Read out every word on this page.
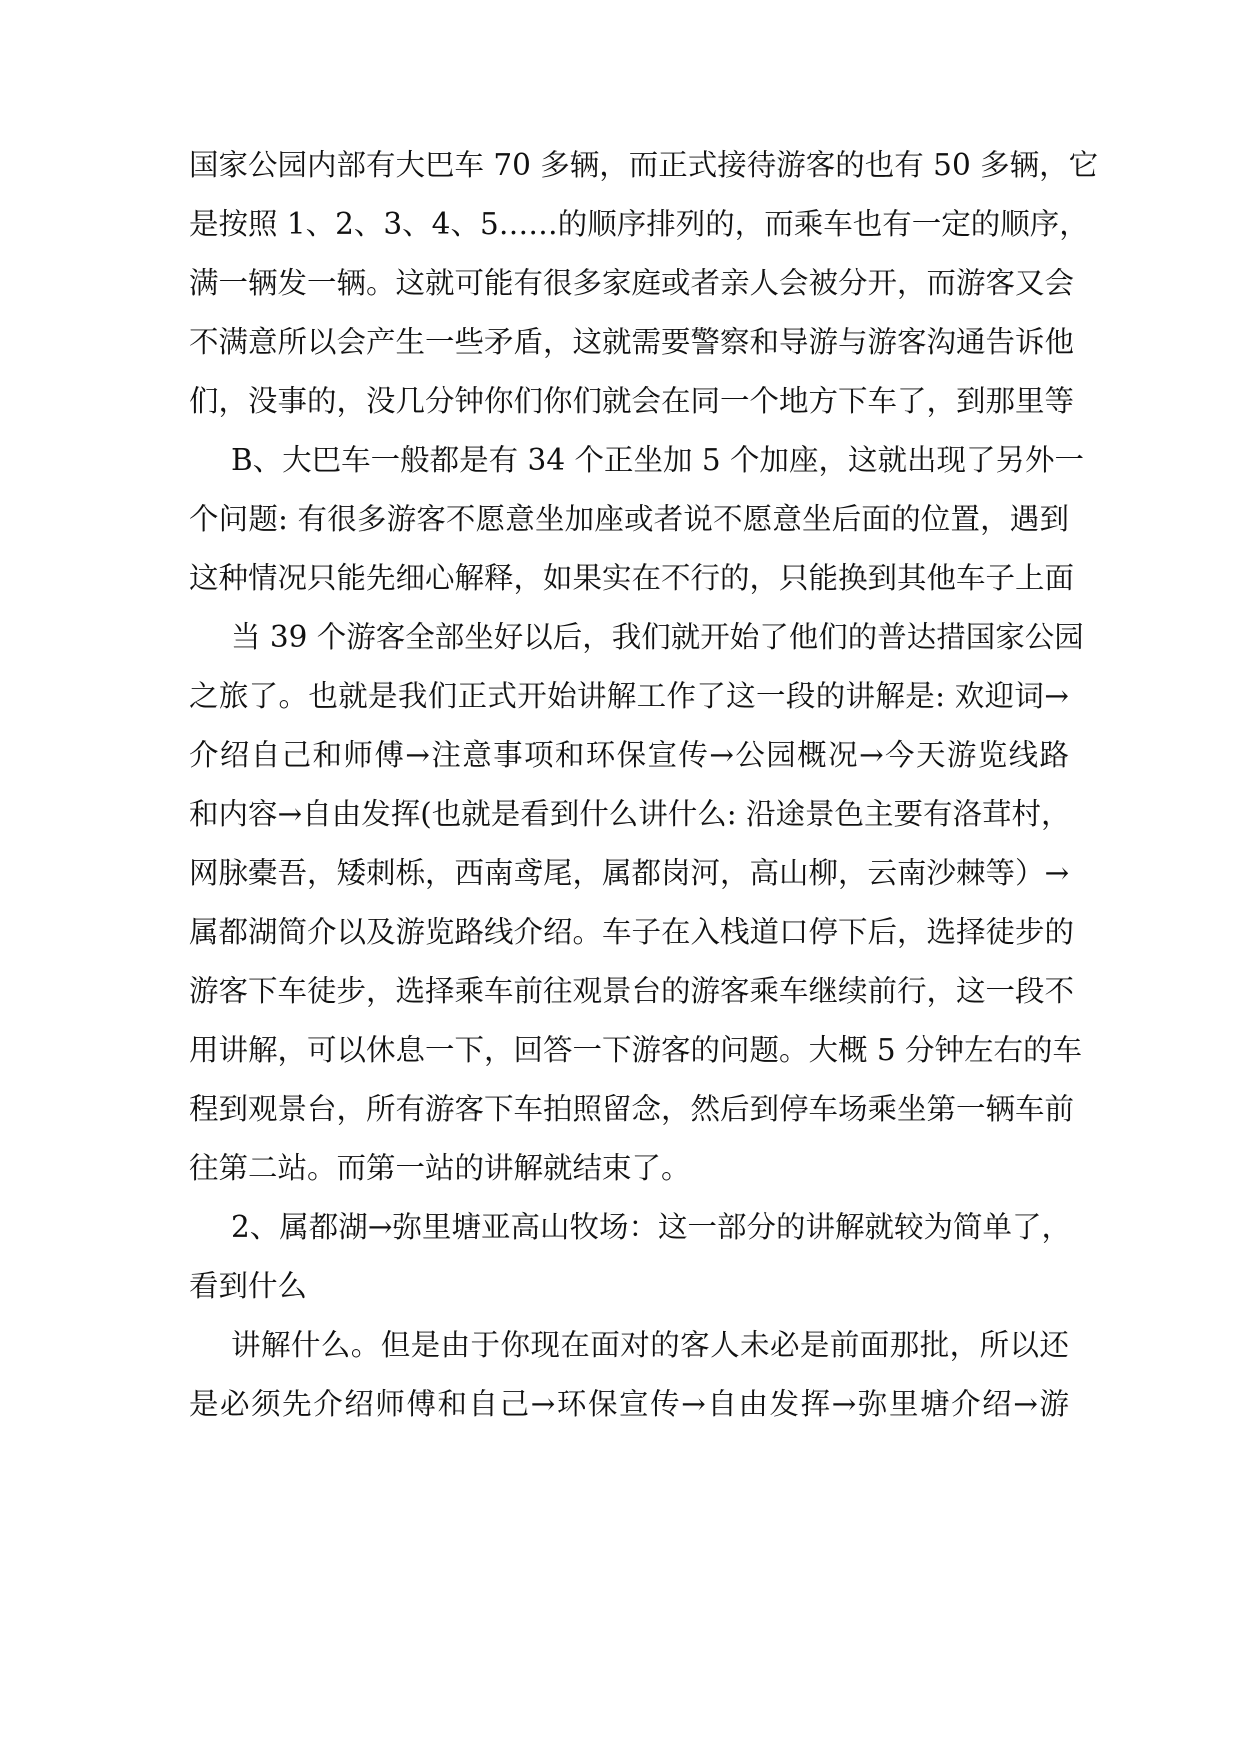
国家公园内部有大巴车 70 多辆，而正式接待游客的也有 50 多辆，它
是按照 1、2、3、4、5……的顺序排列的，而乘车也有一定的顺序，
满一辆发一辆。这就可能有很多家庭或者亲人会被分开，而游客又会
不满意所以会产生一些矛盾，这就需要警察和导游与游客沟通告诉他
们，没事的，没几分钟你们你们就会在同一个地方下车了，到那里等
B、大巴车一般都是有 34 个正坐加 5 个加座，这就出现了另外一
个问题: 有很多游客不愿意坐加座或者说不愿意坐后面的位置，遇到
这种情况只能先细心解释，如果实在不行的，只能换到其他车子上面
当 39 个游客全部坐好以后，我们就开始了他们的普达措国家公园
之旅了。也就是我们正式开始讲解工作了这一段的讲解是: 欢迎词→
介绍自己和师傅→注意事项和环保宣传→公园概况→今天游览线路
和内容→自由发挥(也就是看到什么讲什么: 沿途景色主要有洛茸村，
网脉橐吾，矮刺栎，西南鸢尾，属都岗河，高山柳，云南沙棘等）→
属都湖简介以及游览路线介绍。车子在入栈道口停下后，选择徒步的
游客下车徒步，选择乘车前往观景台的游客乘车继续前行，这一段不
用讲解，可以休息一下，回答一下游客的问题。大概 5 分钟左右的车
程到观景台，所有游客下车拍照留念，然后到停车场乘坐第一辆车前
往第二站。而第一站的讲解就结束了。
2、属都湖→弥里塘亚高山牧场：这一部分的讲解就较为简单了，
看到什么
讲解什么。但是由于你现在面对的客人未必是前面那批，所以还
是必须先介绍师傅和自己→环保宣传→自由发挥→弥里塘介绍→游
